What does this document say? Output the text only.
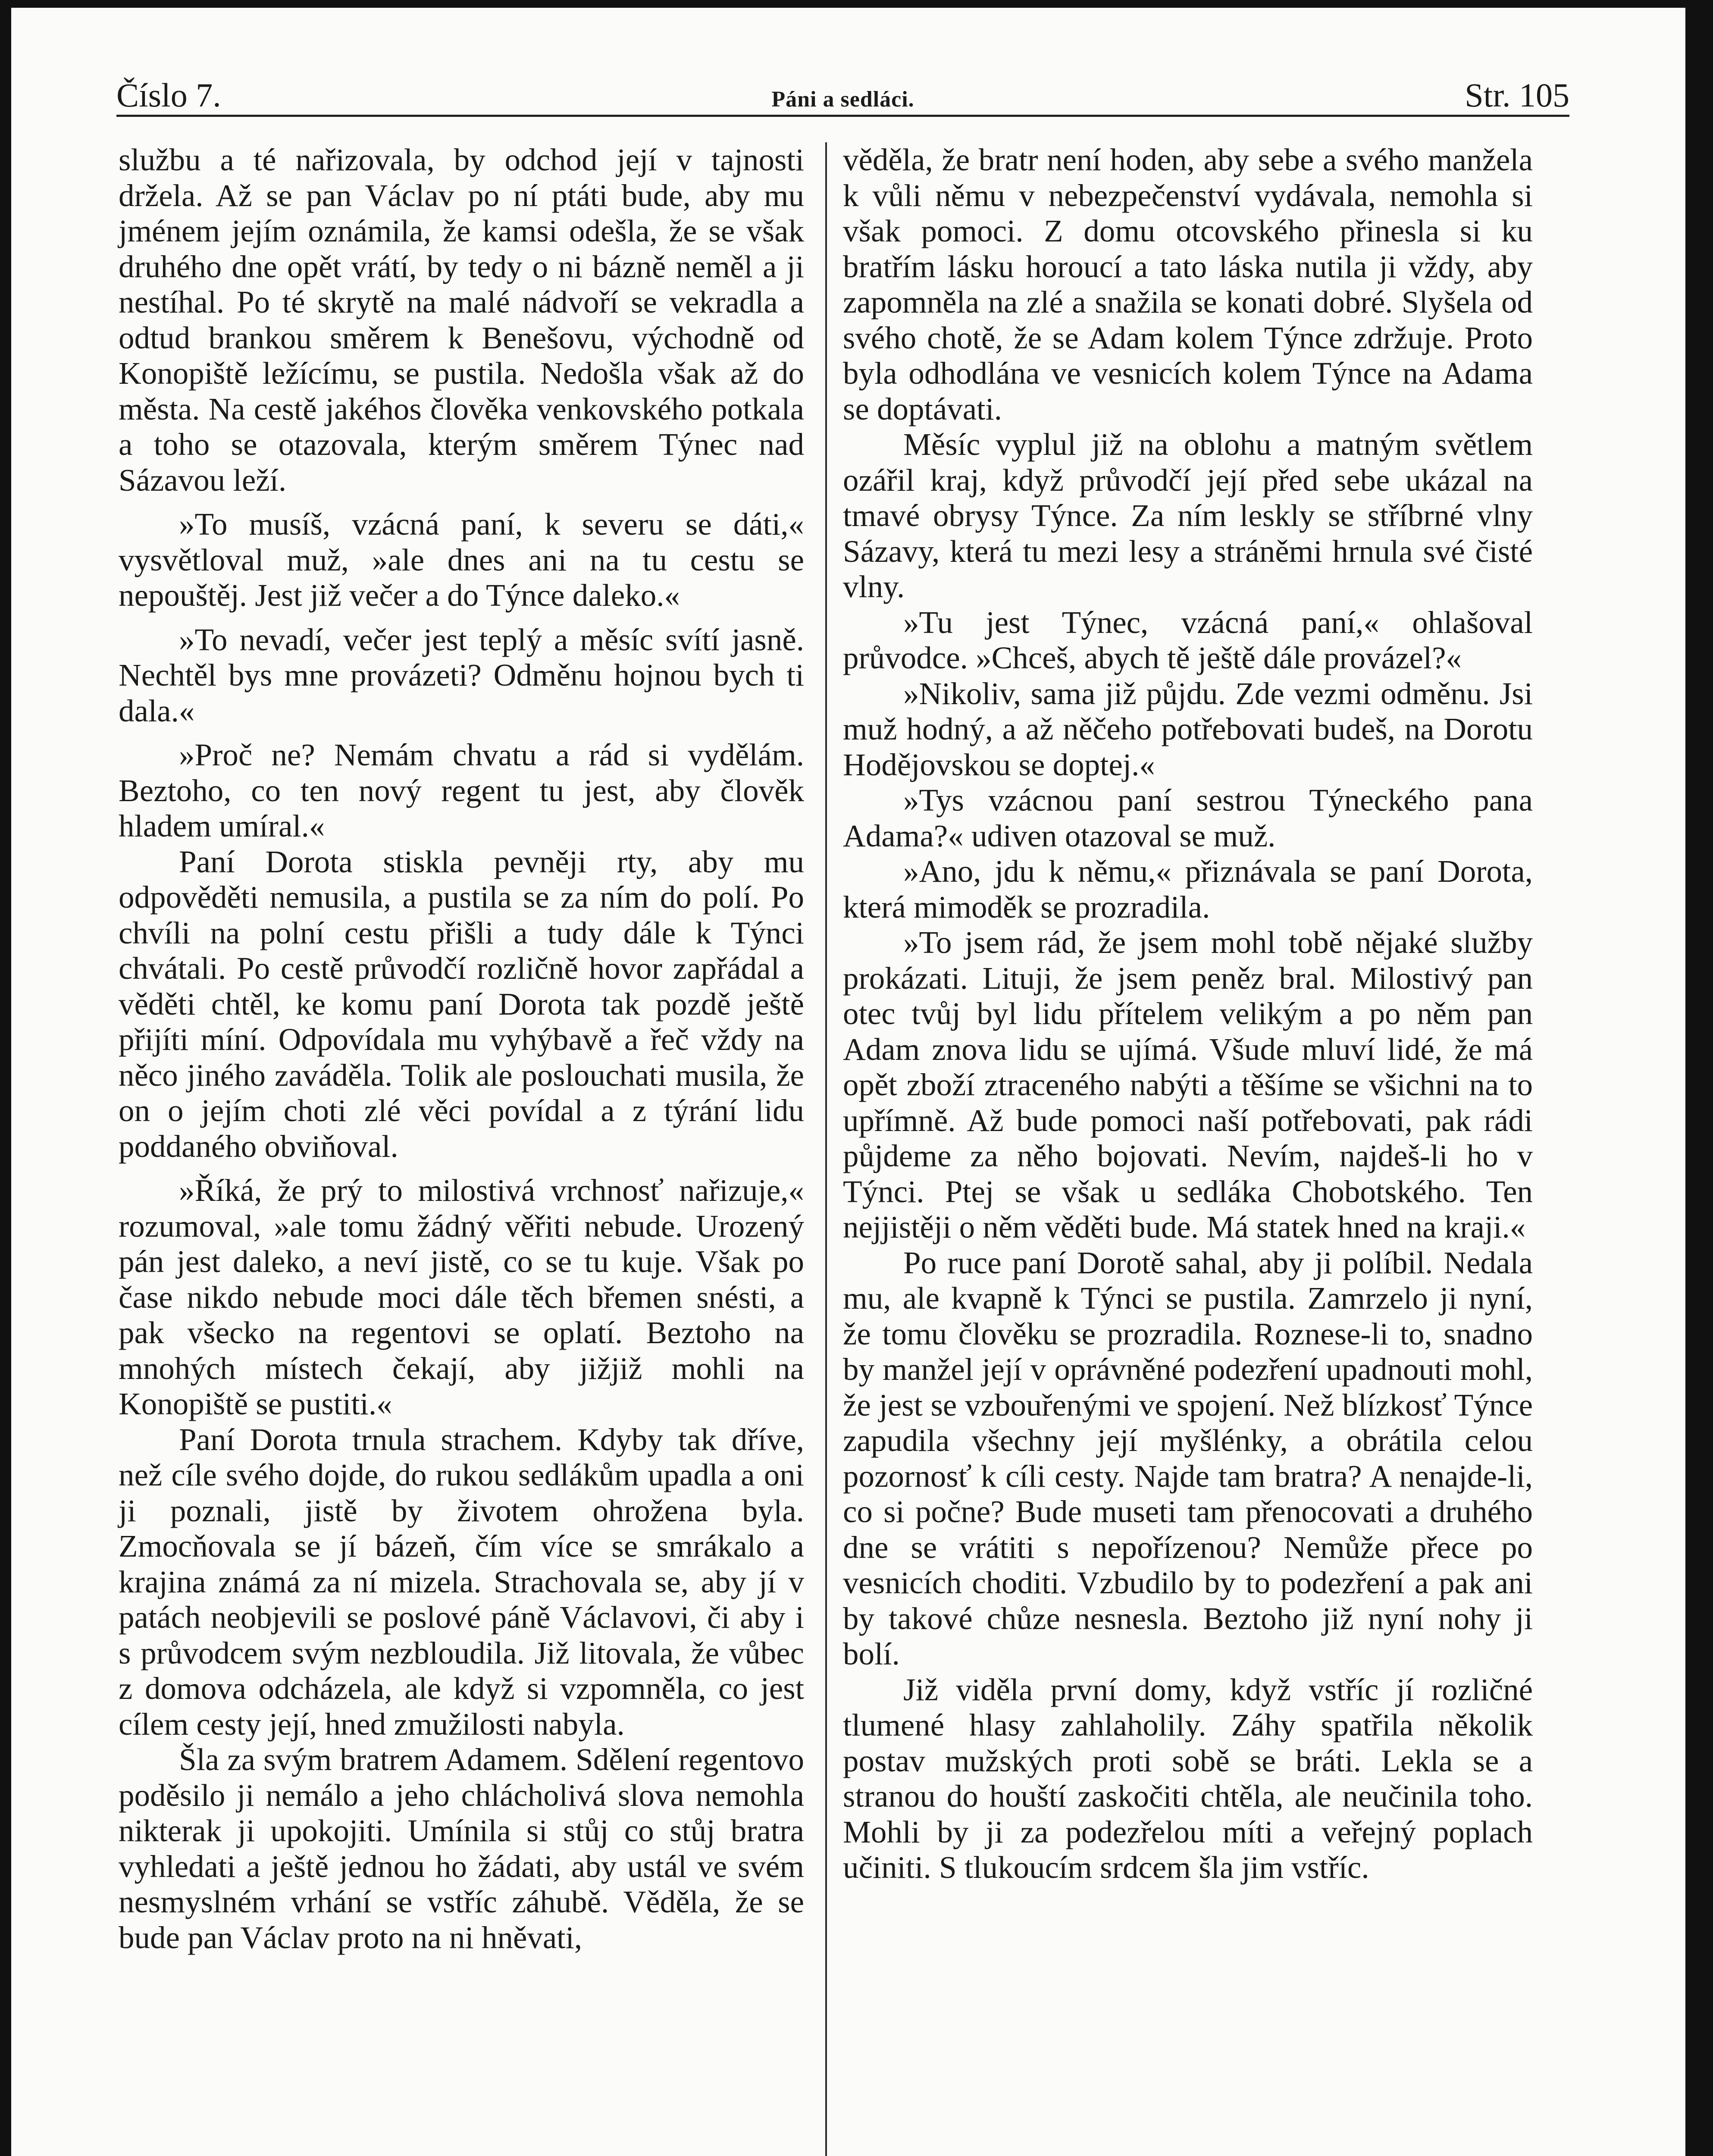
Číslo 7.	Páni a sedláci.	Str. 105

službu a té nařizovala, by odchod její v tajnosti držela. Až se pan Václav po ní ptáti bude, aby mu jménem jejím oznámila, že kamsi odešla, že se však druhého dne opět vrátí, by tedy o ni bázně neměl a ji nestíhal. Po té skrytě na malé nádvoří se vekradla a odtud brankou směrem k Benešovu, východně od Konopiště ležícímu, se pustila. Nedošla však až do města. Na cestě jakéhos člověka venkovského potkala a toho se otazovala, kterým směrem Týnec nad Sázavou leží.

»To musíš, vzácná paní, k severu se dáti,« vysvětloval muž, »ale dnes ani na tu cestu se nepouštěj. Jest již večer a do Týnce daleko.«

»To nevadí, večer jest teplý a měsíc svítí jasně. Nechtěl bys mne provázeti? Odměnu hojnou bych ti dala.«

»Proč ne? Nemám chvatu a rád si vydělám. Beztoho, co ten nový regent tu jest, aby člověk hladem umíral.«

Paní Dorota stiskla pevněji rty, aby mu odpověděti nemusila, a pustila se za ním do polí. Po chvíli na polní cestu přišli a tudy dále k Týnci chvátali. Po cestě průvodčí rozličně hovor zapřádal a věděti chtěl, ke komu paní Dorota tak pozdě ještě přijíti míní. Odpovídala mu vyhýbavě a řeč vždy na něco jiného zaváděla. Tolik ale poslouchati musila, že on o jejím choti zlé věci povídal a z týrání lidu poddaného obviňoval.

»Říká, že prý to milostivá vrchnosť nařizuje,« rozumoval, »ale tomu žádný věřiti nebude. Urozený pán jest daleko, a neví jistě, co se tu kuje. Však po čase nikdo nebude moci dále těch břemen snésti, a pak všecko na regentovi se oplatí. Beztoho na mnohých místech čekají, aby jižjiž mohli na Konopiště se pustiti.«

Paní Dorota trnula strachem. Kdyby tak dříve, než cíle svého dojde, do rukou sedlákům upadla a oni ji poznali, jistě by životem ohrožena byla. Zmocňovala se jí bázeň, čím více se smrákalo a krajina známá za ní mizela. Strachovala se, aby jí v patách neobjevili se poslové páně Václavovi, či aby i s průvodcem svým nezbloudila. Již litovala, že vůbec z domova odcházela, ale když si vzpomněla, co jest cílem cesty její, hned zmužilosti nabyla.

Šla za svým bratrem Adamem. Sdělení regentovo poděsilo ji nemálo a jeho chlácholivá slova nemohla nikterak ji upokojiti. Umínila si stůj co stůj bratra vyhledati a ještě jednou ho žádati, aby ustál ve svém nesmyslném vrhání se vstříc záhubě. Věděla, že se bude pan Václav proto na ni hněvati,

věděla, že bratr není hoden, aby sebe a svého manžela k vůli němu v nebezpečenství vydávala, nemohla si však pomoci. Z domu otcovského přinesla si ku bratřím lásku horoucí a tato láska nutila ji vždy, aby zapomněla na zlé a snažila se konati dobré. Slyšela od svého chotě, že se Adam kolem Týnce zdržuje. Proto byla odhodlána ve vesnicích kolem Týnce na Adama se doptávati.

Měsíc vyplul již na oblohu a matným světlem ozářil kraj, když průvodčí její před sebe ukázal na tmavé obrysy Týnce. Za ním leskly se stříbrné vlny Sázavy, která tu mezi lesy a stráněmi hrnula své čisté vlny.

»Tu jest Týnec, vzácná paní,« ohlašoval průvodce. »Chceš, abych tě ještě dále provázel?«

»Nikoliv, sama již půjdu. Zde vezmi odměnu. Jsi muž hodný, a až něčeho potřebovati budeš, na Dorotu Hodějovskou se doptej.«

»Tys vzácnou paní sestrou Týneckého pana Adama?« udiven otazoval se muž.

»Ano, jdu k němu,« přiznávala se paní Dorota, která mimoděk se prozradila.

»To jsem rád, že jsem mohl tobě nějaké služby prokázati. Lituji, že jsem peněz bral. Milostivý pan otec tvůj byl lidu přítelem velikým a po něm pan Adam znova lidu se ujímá. Všude mluví lidé, že má opět zboží ztraceného nabýti a těšíme se všichni na to upřímně. Až bude pomoci naší potřebovati, pak rádi půjdeme za něho bojovati. Nevím, najdeš-li ho v Týnci. Ptej se však u sedláka Chobotského. Ten nejjistěji o něm věděti bude. Má statek hned na kraji.«

Po ruce paní Dorotě sahal, aby ji políbil. Nedala mu, ale kvapně k Týnci se pustila. Zamrzelo ji nyní, že tomu člověku se prozradila. Roznese-li to, snadno by manžel její v oprávněné podezření upadnouti mohl, že jest se vzbouřenými ve spojení. Než blízkosť Týnce zapudila všechny její myšlénky, a obrátila celou pozornosť k cíli cesty. Najde tam bratra? A nenajde-li, co si počne? Bude museti tam přenocovati a druhého dne se vrátiti s nepořízenou? Nemůže přece po vesnicích choditi. Vzbudilo by to podezření a pak ani by takové chůze nesnesla. Beztoho již nyní nohy ji bolí.

Již viděla první domy, když vstříc jí rozličné tlumené hlasy zahlaholily. Záhy spatřila několik postav mužských proti sobě se bráti. Lekla se a stranou do houští zaskočiti chtěla, ale neučinila toho. Mohli by ji za podezřelou míti a veřejný poplach učiniti. S tlukoucím srdcem šla jim vstříc.
